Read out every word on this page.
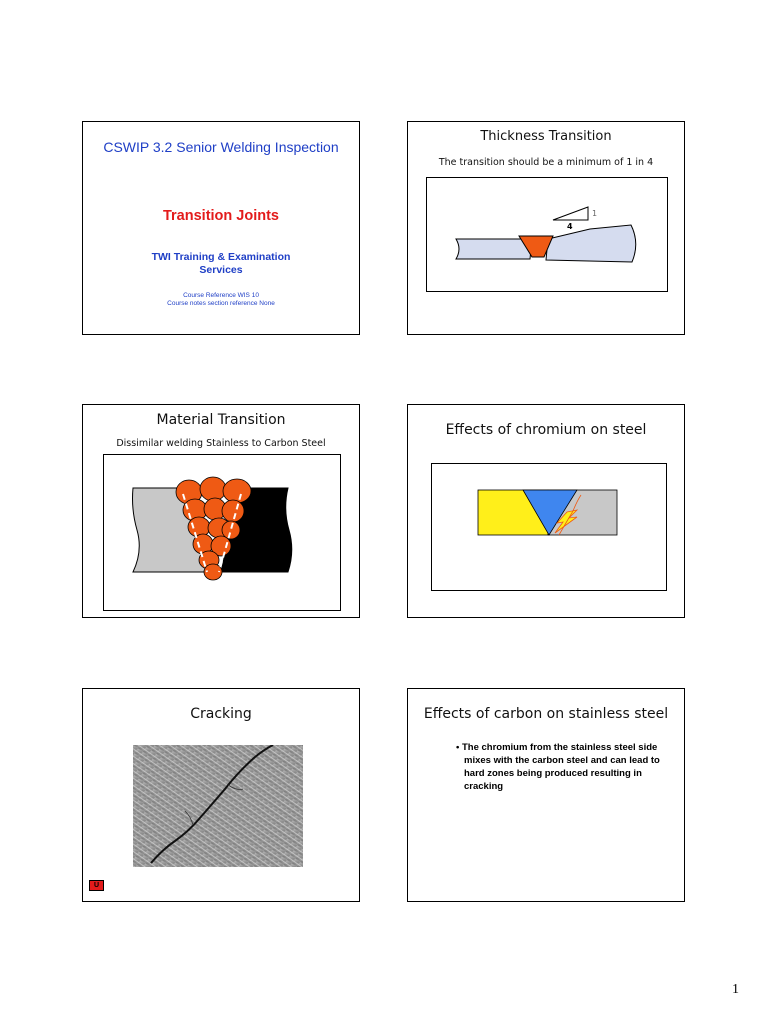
CSWIP 3.2 Senior Welding Inspection
Transition Joints
TWI Training & Examination Services
Course Reference WIS 10
Course notes section reference None
Thickness Transition
The transition should be a minimum of 1 in 4
4
1
Material Transition
Dissimilar welding Stainless to Carbon Steel
Effects of chromium on steel
Cracking
U
Effects of carbon on stainless steel
• The chromium from the stainless steel side mixes with the carbon steel and can lead to hard zones being produced resulting in cracking
1
